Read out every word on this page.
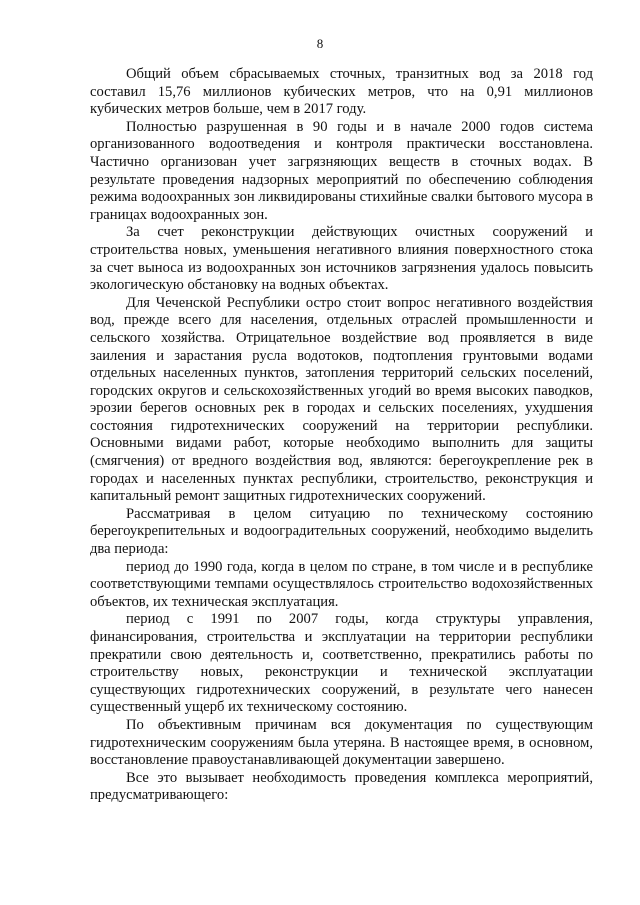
8

Общий объем сбрасываемых сточных, транзитных вод за 2018 год составил 15,76 миллионов кубических метров, что на 0,91 миллионов кубических метров больше, чем в 2017 году.

Полностью разрушенная в 90 годы и в начале 2000 годов система организованного водоотведения и контроля практически восстановлена. Частично организован учет загрязняющих веществ в сточных водах. В результате проведения надзорных мероприятий по обеспечению соблюдения режима водоохранных зон ликвидированы стихийные свалки бытового мусора в границах водоохранных зон.

За счет реконструкции действующих очистных сооружений и строительства новых, уменьшения негативного влияния поверхностного стока за счет выноса из водоохранных зон источников загрязнения удалось повысить экологическую обстановку на водных объектах.

Для Чеченской Республики остро стоит вопрос негативного воздействия вод, прежде всего для населения, отдельных отраслей промышленности и сельского хозяйства. Отрицательное воздействие вод проявляется в виде заиления и зарастания русла водотоков, подтопления грунтовыми водами отдельных населенных пунктов, затопления территорий сельских поселений, городских округов и сельскохозяйственных угодий во время высоких паводков, эрозии берегов основных рек в городах и сельских поселениях, ухудшения состояния гидротехнических сооружений на территории республики. Основными видами работ, которые необходимо выполнить для защиты (смягчения) от вредного воздействия вод, являются: берегоукрепление рек в городах и населенных пунктах республики, строительство, реконструкция и капитальный ремонт защитных гидротехнических сооружений.

Рассматривая в целом ситуацию по техническому состоянию берегоукрепительных и водооградительных сооружений, необходимо выделить два периода:

период до 1990 года, когда в целом по стране, в том числе и в республике соответствующими темпами осуществлялось строительство водохозяйственных объектов, их техническая эксплуатация.

период с 1991 по 2007 годы, когда структуры управления, финансирования, строительства и эксплуатации на территории республики прекратили свою деятельность и, соответственно, прекратились работы по строительству новых, реконструкции и технической эксплуатации существующих гидротехнических сооружений, в результате чего нанесен существенный ущерб их техническому состоянию.

По объективным причинам вся документация по существующим гидротехническим сооружениям была утеряна. В настоящее время, в основном, восстановление правоустанавливающей документации завершено.

Все это вызывает необходимость проведения комплекса мероприятий, предусматривающего:
